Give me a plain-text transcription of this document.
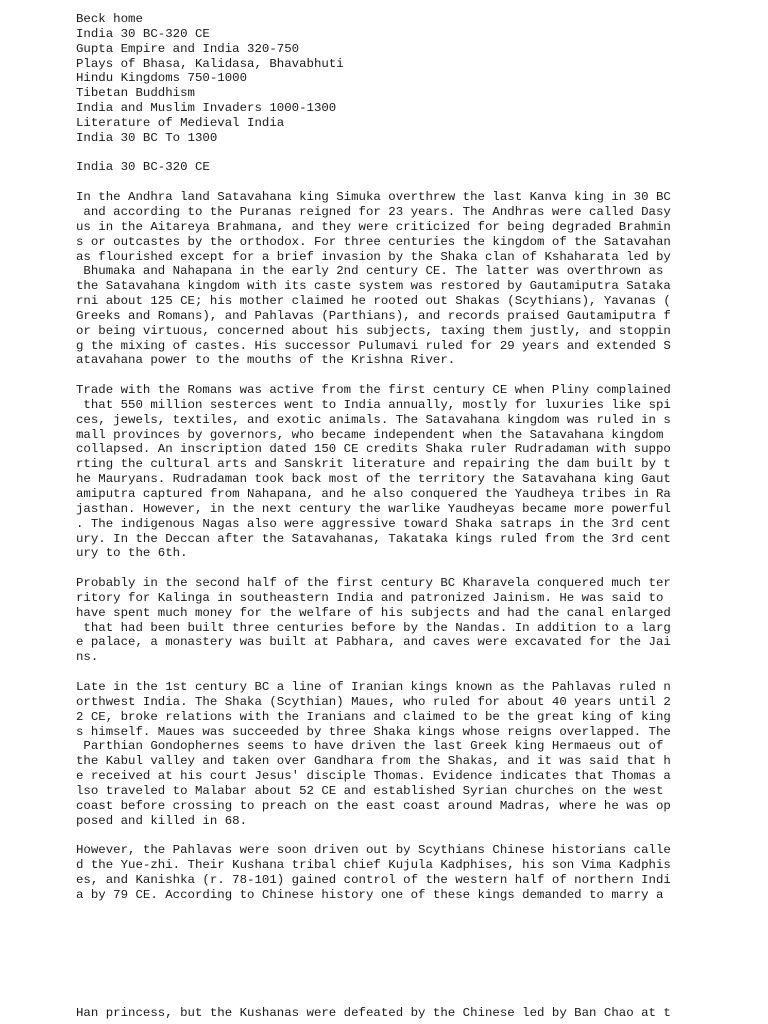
Beck home
India 30 BC-320 CE
Gupta Empire and India 320-750
Plays of Bhasa, Kalidasa, Bhavabhuti
Hindu Kingdoms 750-1000
Tibetan Buddhism
India and Muslim Invaders 1000-1300
Literature of Medieval India
India 30 BC To 1300
India 30 BC-320 CE
In the Andhra land Satavahana king Simuka overthrew the last Kanva king in 30 BC
and according to the Puranas reigned for 23 years. The Andhras were called Dasy
us in the Aitareya Brahmana, and they were criticized for being degraded Brahmin
s or outcastes by the orthodox. For three centuries the kingdom of the Satavahan
as flourished except for a brief invasion by the Shaka clan of Kshaharata led by
Bhumaka and Nahapana in the early 2nd century CE. The latter was overthrown as
the Satavahana kingdom with its caste system was restored by Gautamiputra Sataka
rni about 125 CE; his mother claimed he rooted out Shakas (Scythians), Yavanas (
Greeks and Romans), and Pahlavas (Parthians), and records praised Gautamiputra f
or being virtuous, concerned about his subjects, taxing them justly, and stoppin
g the mixing of castes. His successor Pulumavi ruled for 29 years and extended S
atavahana power to the mouths of the Krishna River.
Trade with the Romans was active from the first century CE when Pliny complained
that 550 million sesterces went to India annually, mostly for luxuries like spi
ces, jewels, textiles, and exotic animals. The Satavahana kingdom was ruled in s
mall provinces by governors, who became independent when the Satavahana kingdom
collapsed. An inscription dated 150 CE credits Shaka ruler Rudradaman with suppo
rting the cultural arts and Sanskrit literature and repairing the dam built by t
he Mauryans. Rudradaman took back most of the territory the Satavahana king Gaut
amiputra captured from Nahapana, and he also conquered the Yaudheya tribes in Ra
jasthan. However, in the next century the warlike Yaudheyas became more powerful
. The indigenous Nagas also were aggressive toward Shaka satraps in the 3rd cent
ury. In the Deccan after the Satavahanas, Takataka kings ruled from the 3rd cent
ury to the 6th.
Probably in the second half of the first century BC Kharavela conquered much ter
ritory for Kalinga in southeastern India and patronized Jainism. He was said to
have spent much money for the welfare of his subjects and had the canal enlarged
that had been built three centuries before by the Nandas. In addition to a larg
e palace, a monastery was built at Pabhara, and caves were excavated for the Jai
ns.
Late in the 1st century BC a line of Iranian kings known as the Pahlavas ruled n
orthwest India. The Shaka (Scythian) Maues, who ruled for about 40 years until 2
2 CE, broke relations with the Iranians and claimed to be the great king of king
s himself. Maues was succeeded by three Shaka kings whose reigns overlapped. The
Parthian Gondophernes seems to have driven the last Greek king Hermaeus out of
the Kabul valley and taken over Gandhara from the Shakas, and it was said that h
e received at his court Jesus' disciple Thomas. Evidence indicates that Thomas a
lso traveled to Malabar about 52 CE and established Syrian churches on the west
coast before crossing to preach on the east coast around Madras, where he was op
posed and killed in 68.
However, the Pahlavas were soon driven out by Scythians Chinese historians calle
d the Yue-zhi. Their Kushana tribal chief Kujula Kadphises, his son Vima Kadphis
es, and Kanishka (r. 78-101) gained control of the western half of northern Indi
a by 79 CE. According to Chinese history one of these kings demanded to marry a
Han princess, but the Kushanas were defeated by the Chinese led by Ban Chao at t
